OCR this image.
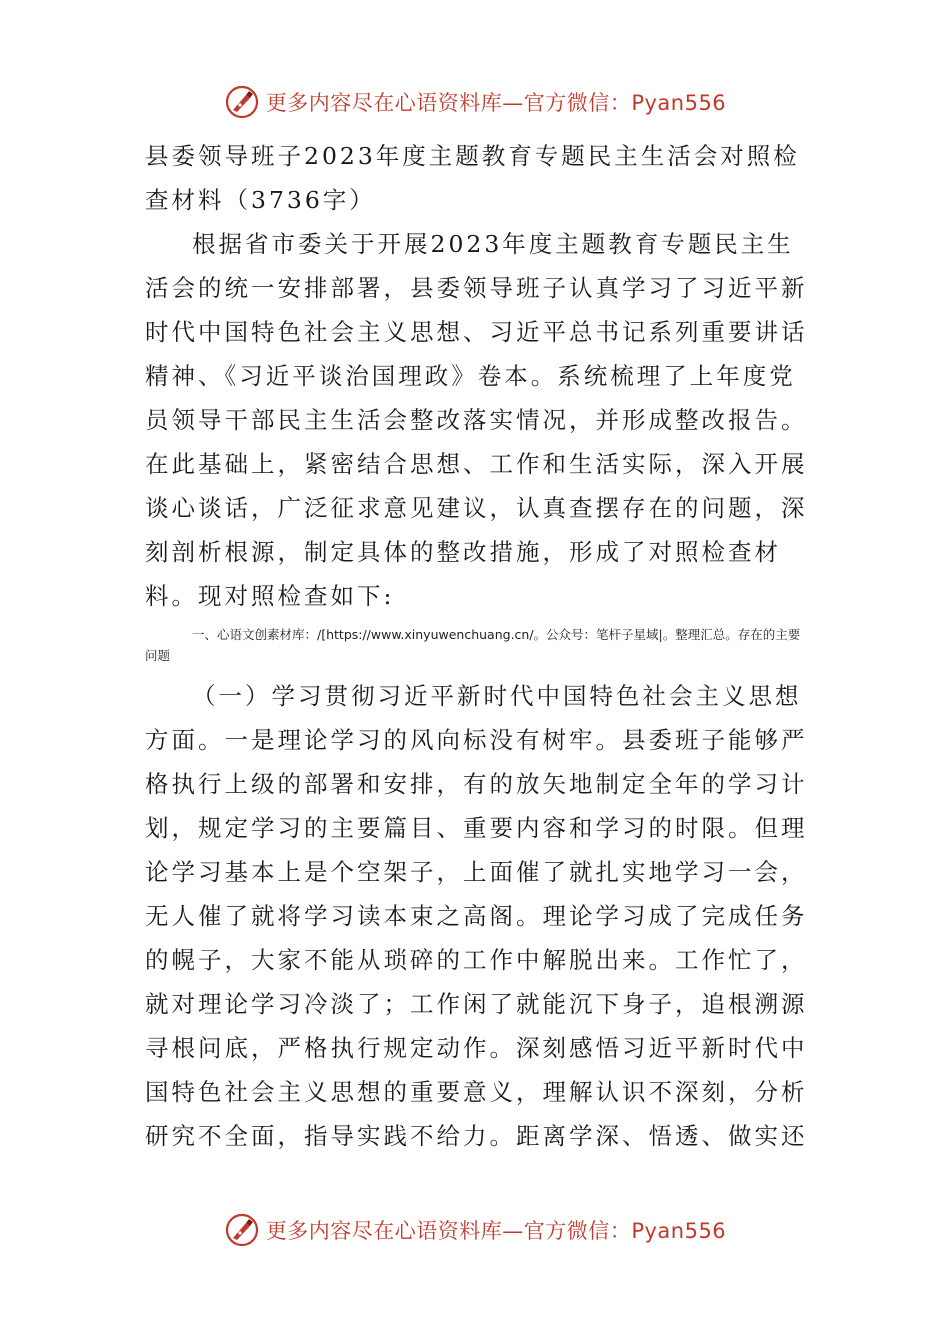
更多内容尽在心语资料库—官方微信：Pyan556

县委领导班子2023年度主题教育专题民主生活会对照检查材料（3736字）

根据省市委关于开展2023年度主题教育专题民主生活会的统一安排部署，县委领导班子认真学习了习近平新时代中国特色社会主义思想、习近平总书记系列重要讲话精神、《习近平谈治国理政》卷本。系统梳理了上年度党员领导干部民主生活会整改落实情况，并形成整改报告。在此基础上，紧密结合思想、工作和生活实际，深入开展谈心谈话，广泛征求意见建议，认真查摆存在的问题，深刻剖析根源，制定具体的整改措施，形成了对照检查材料。现对照检查如下:

一、心语文创素材库：/[https://www.xinyuwenchuang.cn/。公众号：笔杆子星域|。整理汇总。存在的主要问题

（一）学习贯彻习近平新时代中国特色社会主义思想方面。一是理论学习的风向标没有树牢。县委班子能够严格执行上级的部署和安排，有的放矢地制定全年的学习计划，规定学习的主要篇目、重要内容和学习的时限。但理论学习基本上是个空架子，上面催了就扎实地学习一会，无人催了就将学习读本束之高阁。理论学习成了完成任务的幌子，大家不能从琐碎的工作中解脱出来。工作忙了，就对理论学习冷淡了；工作闲了就能沉下身子，追根溯源寻根问底，严格执行规定动作。深刻感悟习近平新时代中国特色社会主义思想的重要意义，理解认识不深刻，分析研究不全面，指导实践不给力。距离学深、悟透、做实还

更多内容尽在心语资料库—官方微信：Pyan556
